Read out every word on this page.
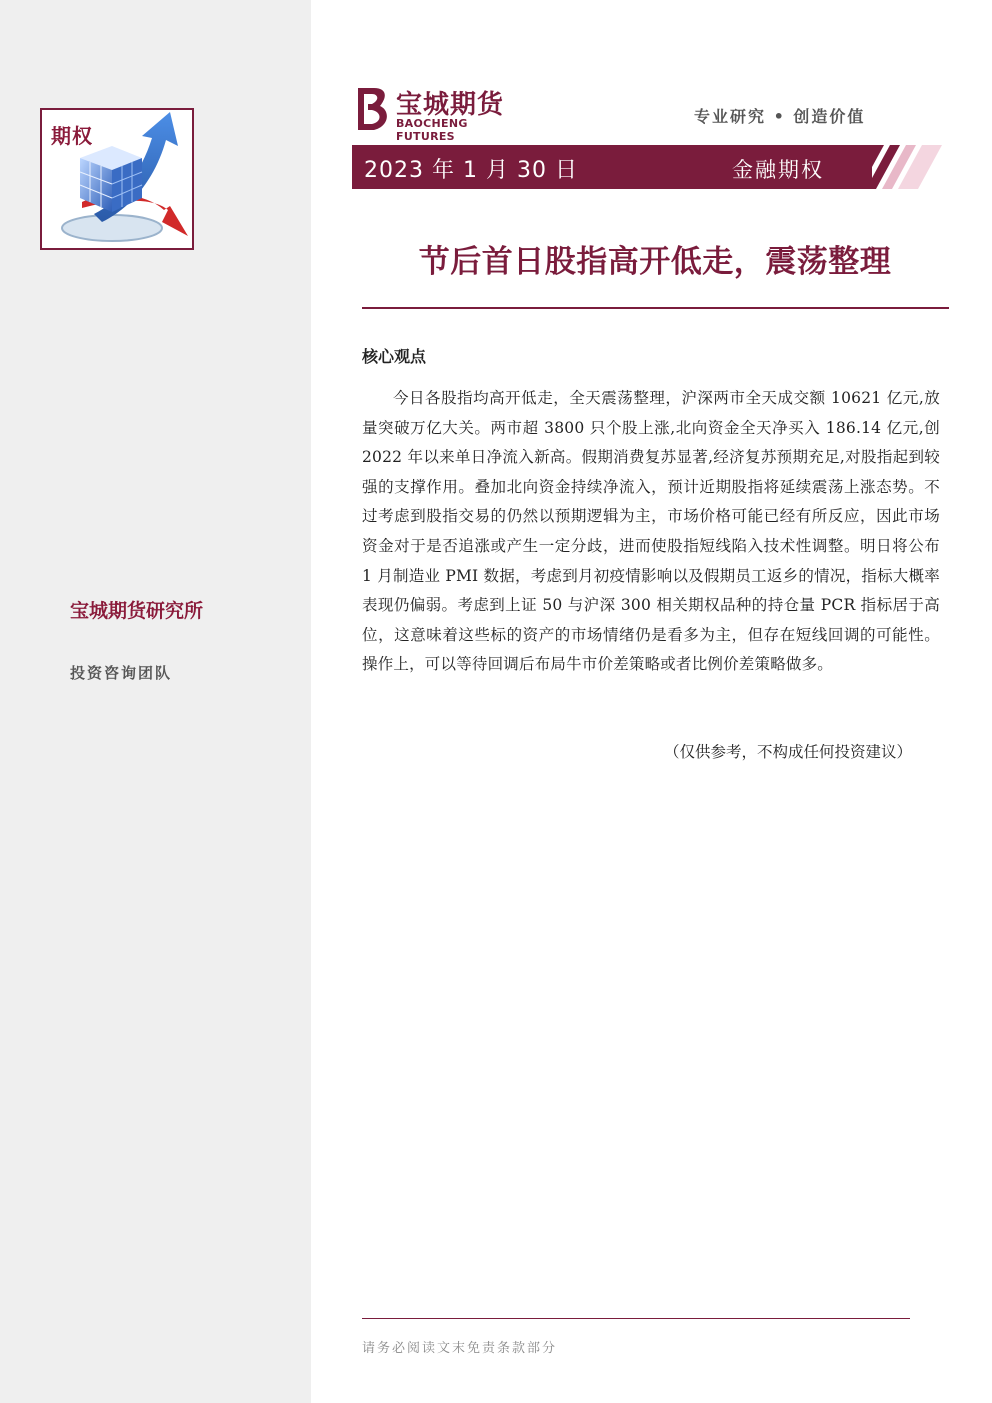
期权
宝城期货研究所
投资咨询团队
宝城期货
BAOCHENG FUTURES
专业研究 • 创造价值
2023 年 1 月 30 日	金融期权
节后首日股指高开低走，震荡整理
核心观点

今日各股指均高开低走，全天震荡整理，沪深两市全天成交额 10621 亿元,放量突破万亿大关。两市超 3800 只个股上涨,北向资金全天净买入 186.14 亿元,创 2022 年以来单日净流入新高。假期消费复苏显著,经济复苏预期充足,对股指起到较强的支撑作用。叠加北向资金持续净流入，预计近期股指将延续震荡上涨态势。不过考虑到股指交易的仍然以预期逻辑为主，市场价格可能已经有所反应，因此市场资金对于是否追涨或产生一定分歧，进而使股指短线陷入技术性调整。明日将公布 1 月制造业 PMI 数据，考虑到月初疫情影响以及假期员工返乡的情况，指标大概率表现仍偏弱。考虑到上证 50 与沪深 300 相关期权品种的持仓量 PCR 指标居于高位，这意味着这些标的资产的市场情绪仍是看多为主，但存在短线回调的可能性。操作上，可以等待回调后布局牛市价差策略或者比例价差策略做多。

（仅供参考，不构成任何投资建议）
请务必阅读文末免责条款部分
